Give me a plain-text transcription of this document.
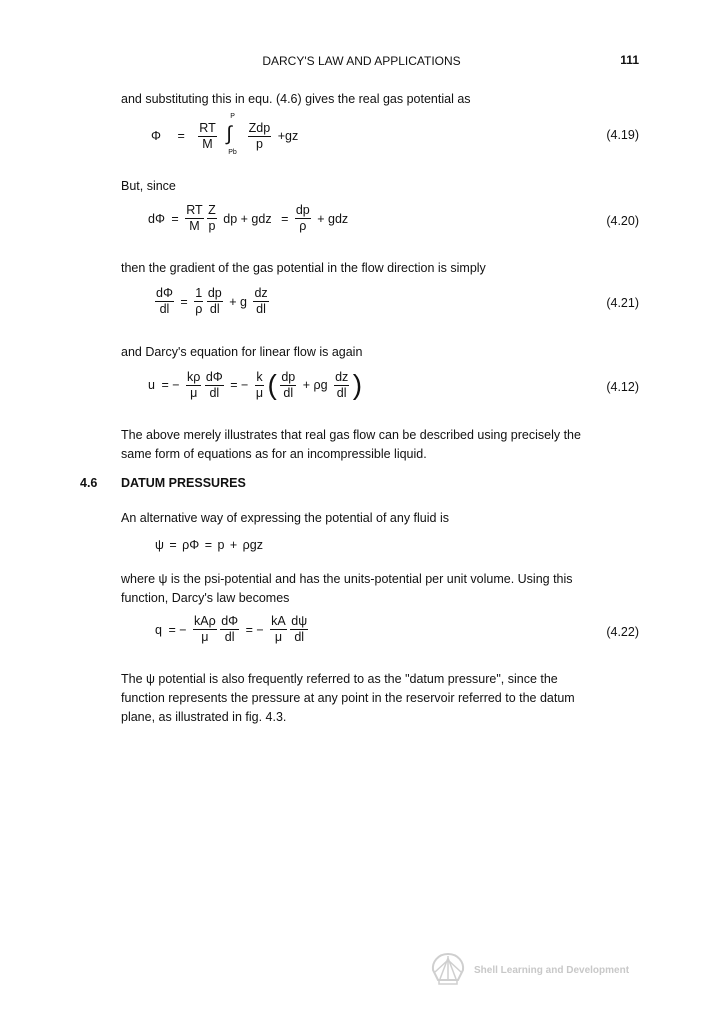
DARCY'S LAW AND APPLICATIONS	111
and substituting this in equ. (4.6) gives the real gas potential as
$\Phi = \frac{RT}{M}$

P
∫
Pb

$\frac{\text{Zdp}}{p} +gz$	(4.19)
But, since
$d\Phi = \frac{RT}{M}$
$\frac{Z}{p}$ dp + gdz = $\frac{dp}{\rho}$ + gdz	(4.20)
then the gradient of the gas potential in the flow direction is simply
$\frac{d\Phi}{dl} = \frac{1}{\rho}$
$\frac{dp}{dl} + g \frac{dz}{dl}$	(4.21)
and Darcy's equation for linear flow is again
u = − $\frac{k\rho}{\mu}$
$\frac{d\Phi}{dl}$ = − $\frac{k}{\mu}$ ( $\frac{dp}{dl} + \rho g \frac{dz}{dl}$ )	(4.12)
The above merely illustrates that real gas flow can be described using precisely the
same form of equations as for an incompressible liquid.
4.6 DATUM PRESSURES
An alternative way of expressing the potential of any fluid is
ψ = ρΦ = p + ρgz
where ψ is the psi-potential and has the units-potential per unit volume. Using this
function, Darcy's law becomes
q = − $\frac{\text{kAρ}}{\mu}$
$\frac{d\Phi}{dl}$ = − $\frac{kA}{\mu}$
$\frac{d\psi}{dl}$	(4.22)
The ψ potential is also frequently referred to as the "datum pressure", since the
function represents the pressure at any point in the reservoir referred to the datum
plane, as illustrated in fig. 4.3.
Shell Learning and Development
